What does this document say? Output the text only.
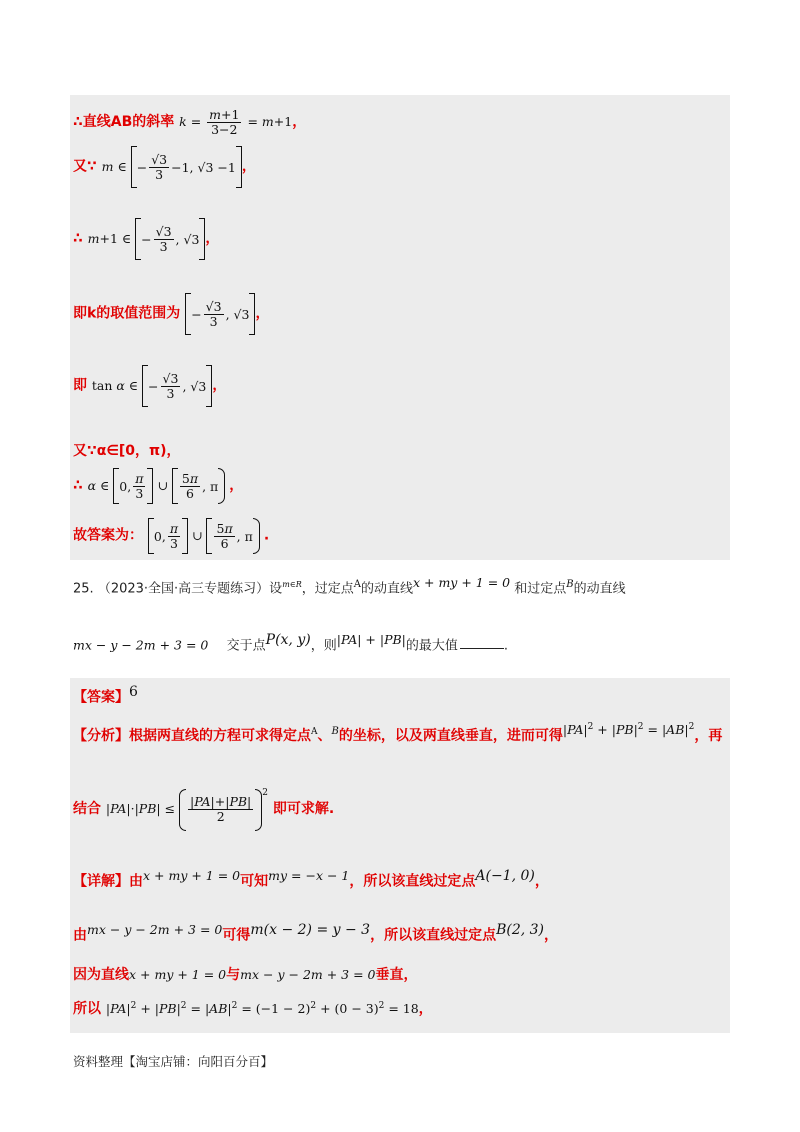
∴直线AB的斜率 $k = \frac{m+1}{3-2} = m+1$，
又∵ m ∈ − $\frac{√3}{3} -1$, √3 −1 ，
∴ m+1 ∈ − $\frac{√3}{3}$ , √3 ，
即k的取值范围为 − $\frac{√3}{3}$ , √3 ，
即 tan α ∈ − $\frac{√3}{3}$ , √3 ，
又∵α∈[0，π)，
∴ α ∈ 0, $\frac{\pi}{3}$ ∪ $\frac{5\pi}{6}$ , π ，
故答案为： 0, $\frac{\pi}{3}$ ∪ $\frac{5\pi}{6}$ , π .
25. （2023·全国·高三专题练习）设$^{m\in R}$，过定点$^A$的动直线x + my + 1 = 0 和过定点$^B$的动直线
mx − y − 2m + 3 = 0 交于点P(x, y)，则|PA| + |PB|的最大值	.
【答案】6
【分析】根据两直线的方程可求得定点$^A$、$^B$的坐标，以及两直线垂直，进而可得$|PA|^2 + |PB|^2 = |AB|^2$，再
结合 $|PA|\cdot|PB| \le \frac{|PA|+|PB|}{2}$
$^2$ 即可求解.
【详解】由x + my + 1 = 0可知my = −x − 1，所以该直线过定点A(−1, 0)，
由mx − y − 2m + 3 = 0可得m(x − 2) = y − 3，所以该直线过定点B(2, 3)，
因为直线x + my + 1 = 0与mx − y − 2m + 3 = 0垂直，
所以 $|PA|^2 + |PB|^2 = |AB|^2 = (-1 - 2)^2 + (0 - 3)^2 = 18$，
资料整理【淘宝店铺：向阳百分百】
